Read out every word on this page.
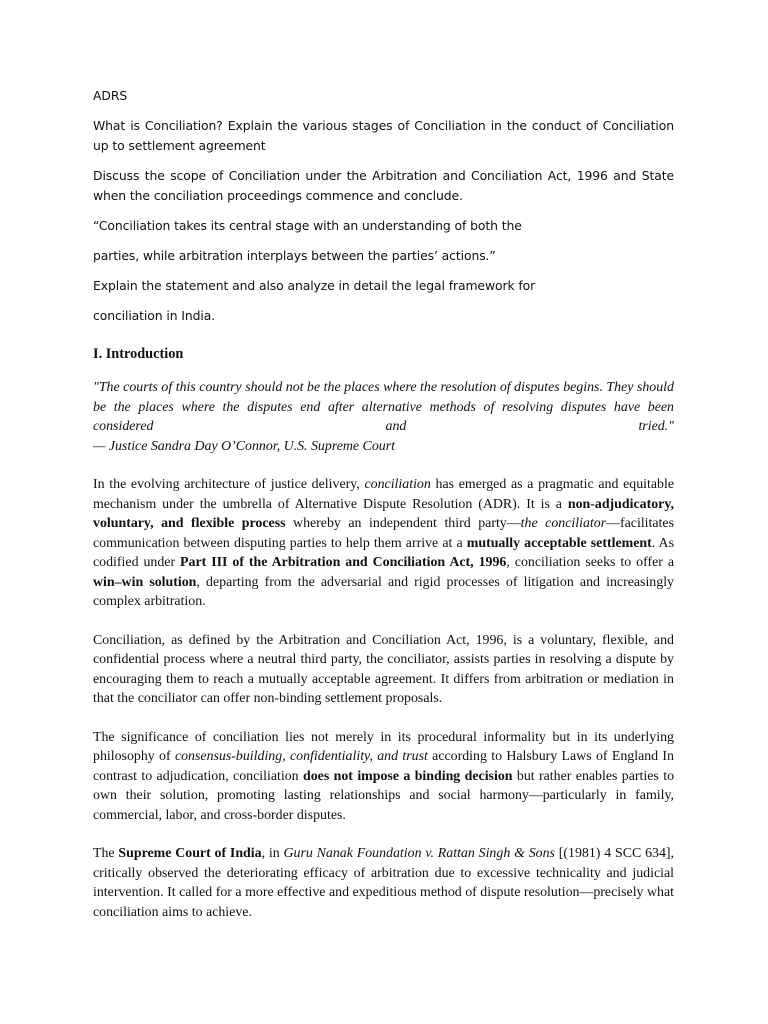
ADRS

What is Conciliation? Explain the various stages of Conciliation in the conduct of Conciliation up to settlement agreement

Discuss the scope of Conciliation under the Arbitration and Conciliation Act, 1996 and State when the conciliation proceedings commence and conclude.

“Conciliation takes its central stage with an understanding of both the

parties, while arbitration interplays between the parties’ actions.”

Explain the statement and also analyze in detail the legal framework for

conciliation in India.

I. Introduction

"The courts of this country should not be the places where the resolution of disputes begins. They should be the places where the disputes end after alternative methods of resolving disputes have been considered and tried."
— Justice Sandra Day O’Connor, U.S. Supreme Court

In the evolving architecture of justice delivery, conciliation has emerged as a pragmatic and equitable mechanism under the umbrella of Alternative Dispute Resolution (ADR). It is a non-adjudicatory, voluntary, and flexible process whereby an independent third party—the conciliator—facilitates communication between disputing parties to help them arrive at a mutually acceptable settlement. As codified under Part III of the Arbitration and Conciliation Act, 1996, conciliation seeks to offer a win–win solution, departing from the adversarial and rigid processes of litigation and increasingly complex arbitration.

Conciliation, as defined by the Arbitration and Conciliation Act, 1996, is a voluntary, flexible, and confidential process where a neutral third party, the conciliator, assists parties in resolving a dispute by encouraging them to reach a mutually acceptable agreement. It differs from arbitration or mediation in that the conciliator can offer non-binding settlement proposals.

The significance of conciliation lies not merely in its procedural informality but in its underlying philosophy of consensus-building, confidentiality, and trust according to Halsbury Laws of England In contrast to adjudication, conciliation does not impose a binding decision but rather enables parties to own their solution, promoting lasting relationships and social harmony—particularly in family, commercial, labor, and cross-border disputes.

The Supreme Court of India, in Guru Nanak Foundation v. Rattan Singh & Sons [(1981) 4 SCC 634], critically observed the deteriorating efficacy of arbitration due to excessive technicality and judicial intervention. It called for a more effective and expeditious method of dispute resolution—precisely what conciliation aims to achieve.
